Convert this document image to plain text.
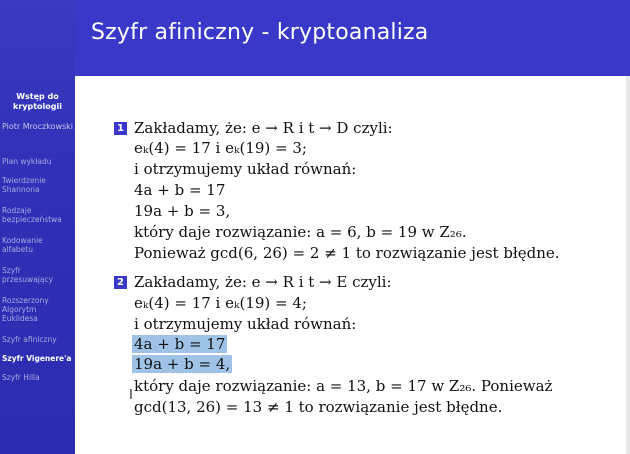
Szyfr afiniczny - kryptoanaliza
Wstęp do kryptologii
Piotr Mroczkowski
Plan wykładu
Twierdzenie Shannona
Rodzaje bezpieczeństwa
Kodowanie alfabetu
Szyfr przesuwający
Rozszerzony Algorytm Euklidesa
Szyfr afiniczny
Szyfr Vigenere'a
Szyfr Hilla
1 Zakładamy, że: e → R i t → D czyli:
eₖ(4) = 17 i eₖ(19) = 3;
i otrzymujemy układ równań:
4a + b = 17
19a + b = 3,
który daje rozwiązanie: a = 6, b = 19 w Z₂₆.
Ponieważ gcd(6, 26) = 2 ≠ 1 to rozwiązanie jest błędne.
2 Zakładamy, że: e → R i t → E czyli:
eₖ(4) = 17 i eₖ(19) = 4;
i otrzymujemy układ równań:
4a + b = 17
19a + b = 4,
który daje rozwiązanie: a = 13, b = 17 w Z₂₆. Ponieważ
gcd(13, 26) = 13 ≠ 1 to rozwiązanie jest błędne.
I
